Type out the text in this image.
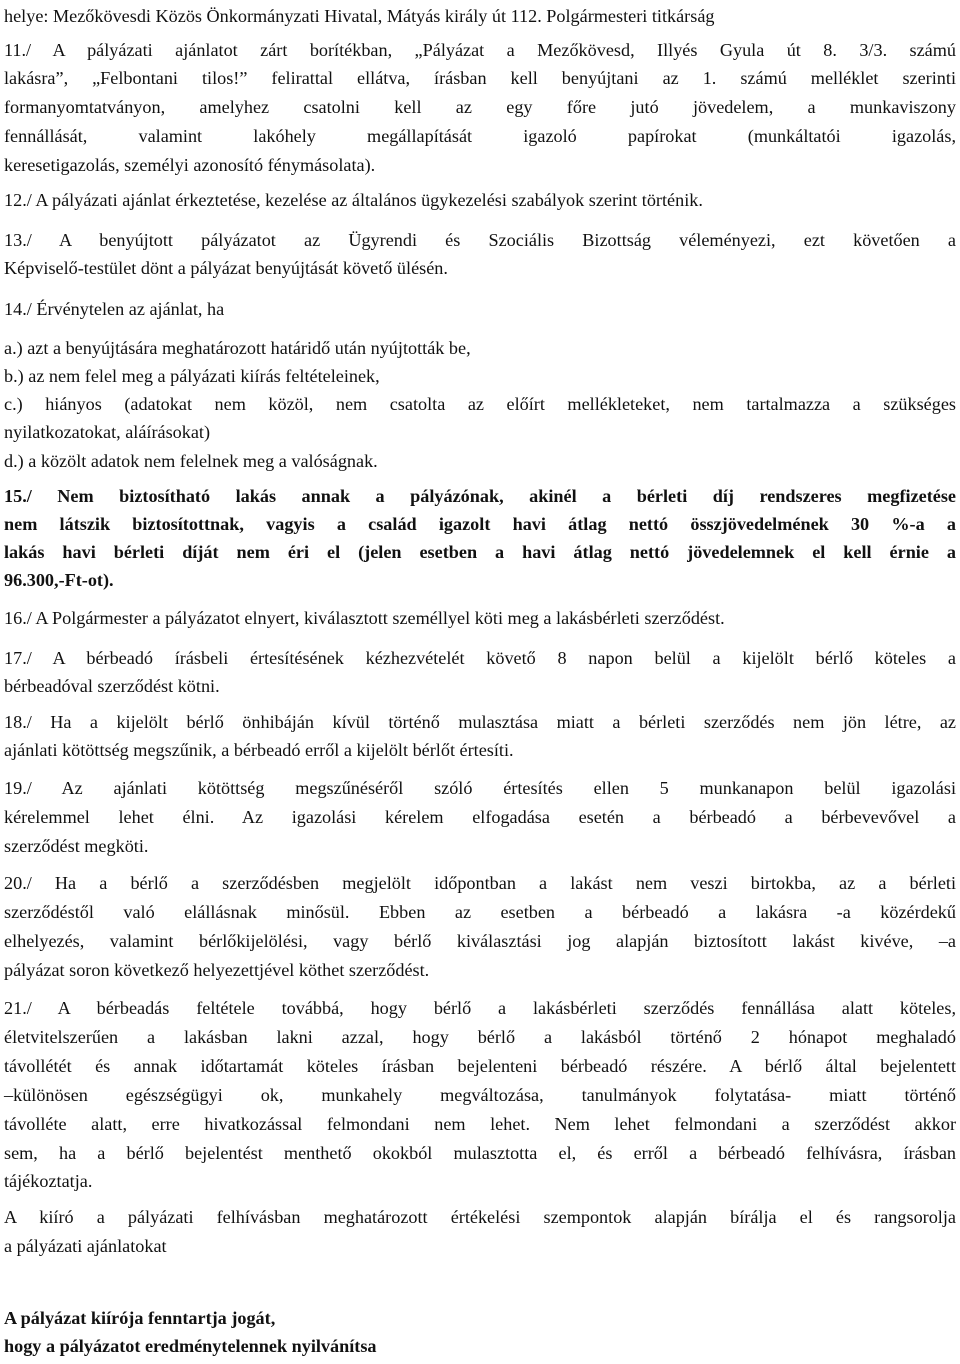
helye: Mezőkövesdi Közös Önkormányzati Hivatal, Mátyás király út 112. Polgármesteri titkárság
11./ A pályázati ajánlatot zárt borítékban, „Pályázat a Mezőkövesd, Illyés Gyula út 8. 3/3. számú
lakásra”, „Felbontani tilos!” felirattal ellátva, írásban kell benyújtani az 1. számú melléklet szerinti
formanyomtatványon, amelyhez csatolni kell az egy főre jutó jövedelem, a munkaviszony
fennállását, valamint lakóhely megállapítását igazoló papírokat (munkáltatói igazolás,
keresetigazolás, személyi azonosító fénymásolata).
12./ A pályázati ajánlat érkeztetése, kezelése az általános ügykezelési szabályok szerint történik.
13./ A benyújtott pályázatot az Ügyrendi és Szociális Bizottság véleményezi, ezt követően a
Képviselő-testület dönt a pályázat benyújtását követő ülésén.
14./ Érvénytelen az ajánlat, ha
a.) azt a benyújtására meghatározott határidő után nyújtották be,
b.) az nem felel meg a pályázati kiírás feltételeinek,
c.) hiányos (adatokat nem közöl, nem csatolta az előírt mellékleteket, nem tartalmazza a szükséges
nyilatkozatokat, aláírásokat)
d.) a közölt adatok nem felelnek meg a valóságnak.
15./ Nem biztosítható lakás annak a pályázónak, akinél a bérleti díj rendszeres megfizetése
nem látszik biztosítottnak, vagyis a család igazolt havi átlag nettó összjövedelmének 30 %-a a
lakás havi bérleti díját nem éri el (jelen esetben a havi átlag nettó jövedelemnek el kell érnie a
96.300,-Ft-ot).
16./ A Polgármester a pályázatot elnyert, kiválasztott személlyel köti meg a lakásbérleti szerződést.
17./ A bérbeadó írásbeli értesítésének kézhezvételét követő 8 napon belül a kijelölt bérlő köteles a
bérbeadóval szerződést kötni.
18./ Ha a kijelölt bérlő önhibáján kívül történő mulasztása miatt a bérleti szerződés nem jön létre, az
ajánlati kötöttség megszűnik, a bérbeadó erről a kijelölt bérlőt értesíti.
19./ Az ajánlati kötöttség megszűnéséről szóló értesítés ellen 5 munkanapon belül igazolási
kérelemmel lehet élni. Az igazolási kérelem elfogadása esetén a bérbeadó a bérbevevővel a
szerződést megköti.
20./ Ha a bérlő a szerződésben megjelölt időpontban a lakást nem veszi birtokba, az a bérleti
szerződéstől való elállásnak minősül. Ebben az esetben a bérbeadó a lakásra -a közérdekű
elhelyezés, valamint bérlőkijelölési, vagy bérlő kiválasztási jog alapján biztosított lakást kivéve, –a
pályázat soron következő helyezettjével köthet szerződést.
21./ A bérbeadás feltétele továbbá, hogy bérlő a lakásbérleti szerződés fennállása alatt köteles,
életvitelszerűen a lakásban lakni azzal, hogy bérlő a lakásból történő 2 hónapot meghaladó
távollétét és annak időtartamát köteles írásban bejelenteni bérbeadó részére. A bérlő által bejelentett
–különösen egészségügyi ok, munkahely megváltozása, tanulmányok folytatása- miatt történő
távolléte alatt, erre hivatkozással felmondani nem lehet. Nem lehet felmondani a szerződést akkor
sem, ha a bérlő bejelentést menthető okokból mulasztotta el, és erről a bérbeadó felhívásra, írásban
tájékoztatja.
A kiíró a pályázati felhívásban meghatározott értékelési szempontok alapján bírálja el és rangsorolja
a pályázati ajánlatokat
A pályázat kiírója fenntartja jogát,
hogy a pályázatot eredménytelennek nyilvánítsa
